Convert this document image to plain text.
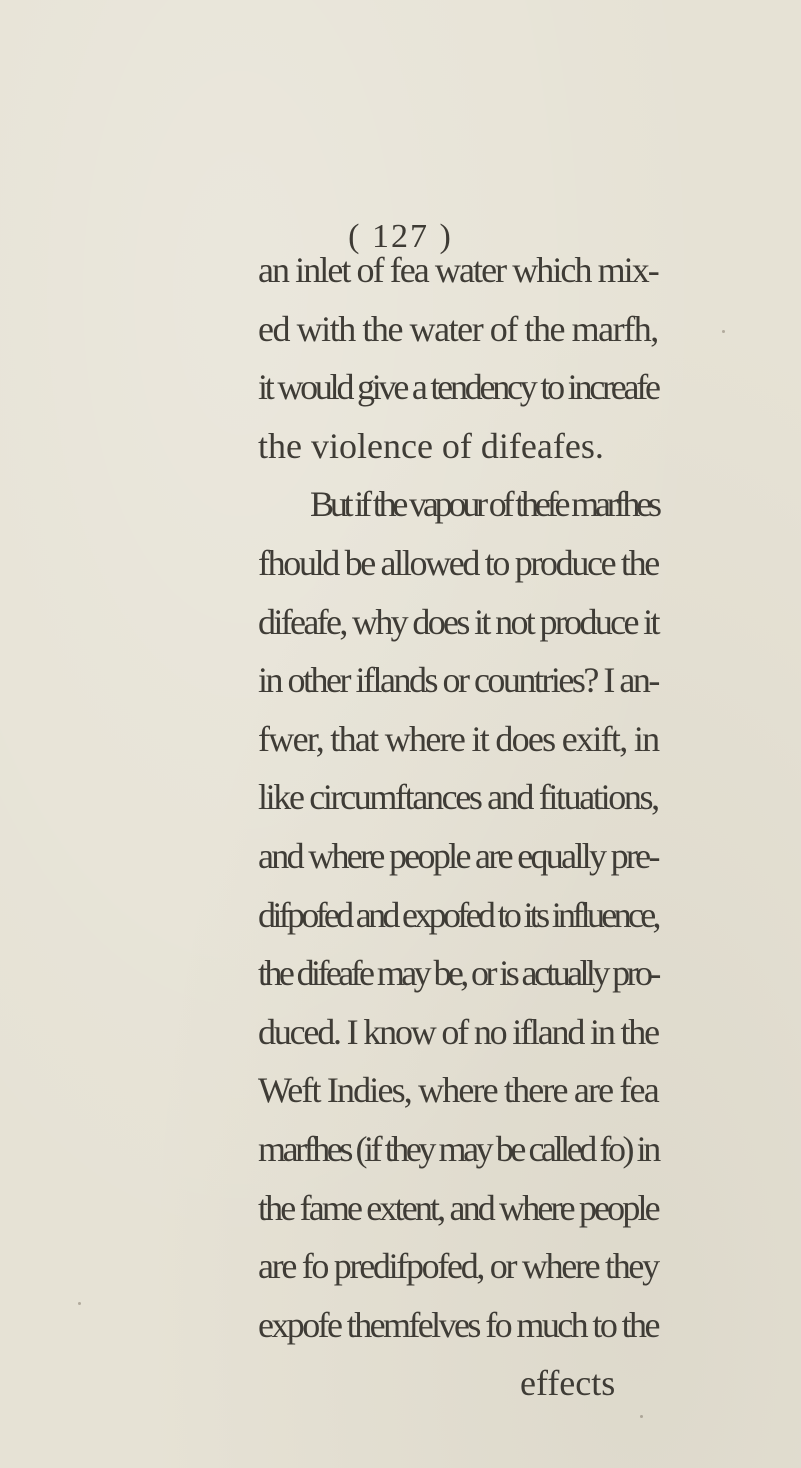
( 127 )
an inlet of fea water which mix-
ed with the water of the marfh,
it would give a tendency to increafe
the violence of difeafes.
But if the vapour of thefe marfhes
fhould be allowed to produce the
difeafe, why does it not produce it
in other iflands or countries? I an-
fwer, that where it does exift, in
like circumftances and fituations,
and where people are equally pre-
difpofed and expofed to its influence,
the difeafe may be, or is actually pro-
duced. I know of no ifland in the
Weft Indies, where there are fea
marfhes (if they may be called fo) in
the fame extent, and where people
are fo predifpofed, or where they
expofe themfelves fo much to the
effects
